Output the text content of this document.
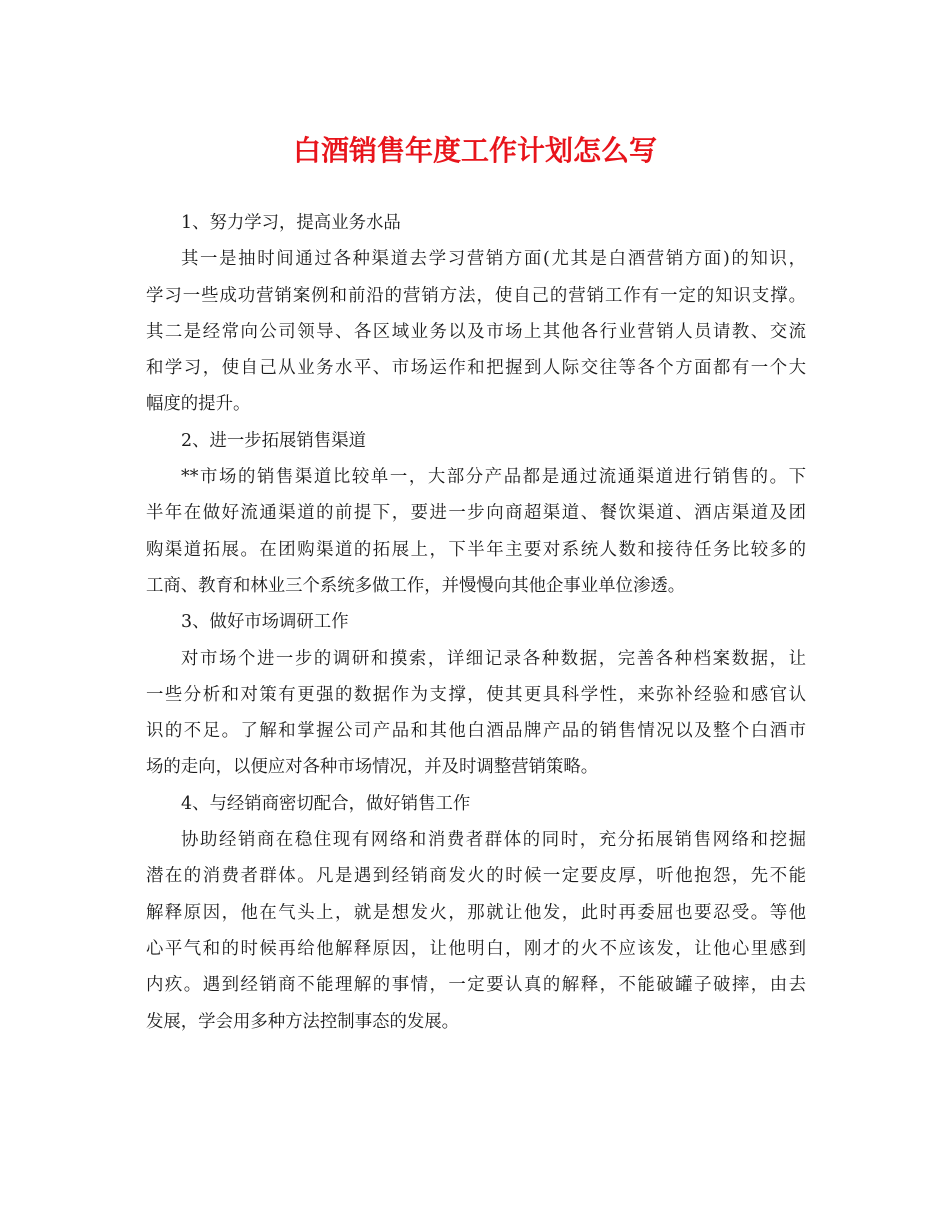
白酒销售年度工作计划怎么写
1、努力学习，提高业务水品
其一是抽时间通过各种渠道去学习营销方面(尤其是白酒营销方面)的知识，
学习一些成功营销案例和前沿的营销方法，使自己的营销工作有一定的知识支撑。
其二是经常向公司领导、各区域业务以及市场上其他各行业营销人员请教、交流
和学习，使自己从业务水平、市场运作和把握到人际交往等各个方面都有一个大
幅度的提升。
2、进一步拓展销售渠道
**市场的销售渠道比较单一，大部分产品都是通过流通渠道进行销售的。下
半年在做好流通渠道的前提下，要进一步向商超渠道、餐饮渠道、酒店渠道及团
购渠道拓展。在团购渠道的拓展上，下半年主要对系统人数和接待任务比较多的
工商、教育和林业三个系统多做工作，并慢慢向其他企事业单位渗透。
3、做好市场调研工作
对市场个进一步的调研和摸索，详细记录各种数据，完善各种档案数据，让
一些分析和对策有更强的数据作为支撑，使其更具科学性，来弥补经验和感官认
识的不足。了解和掌握公司产品和其他白酒品牌产品的销售情况以及整个白酒市
场的走向，以便应对各种市场情况，并及时调整营销策略。
4、与经销商密切配合，做好销售工作
协助经销商在稳住现有网络和消费者群体的同时，充分拓展销售网络和挖掘
潜在的消费者群体。凡是遇到经销商发火的时候一定要皮厚，听他抱怨，先不能
解释原因，他在气头上，就是想发火，那就让他发，此时再委屈也要忍受。等他
心平气和的时候再给他解释原因，让他明白，刚才的火不应该发，让他心里感到
内疚。遇到经销商不能理解的事情，一定要认真的解释，不能破罐子破摔，由去
发展，学会用多种方法控制事态的发展。
